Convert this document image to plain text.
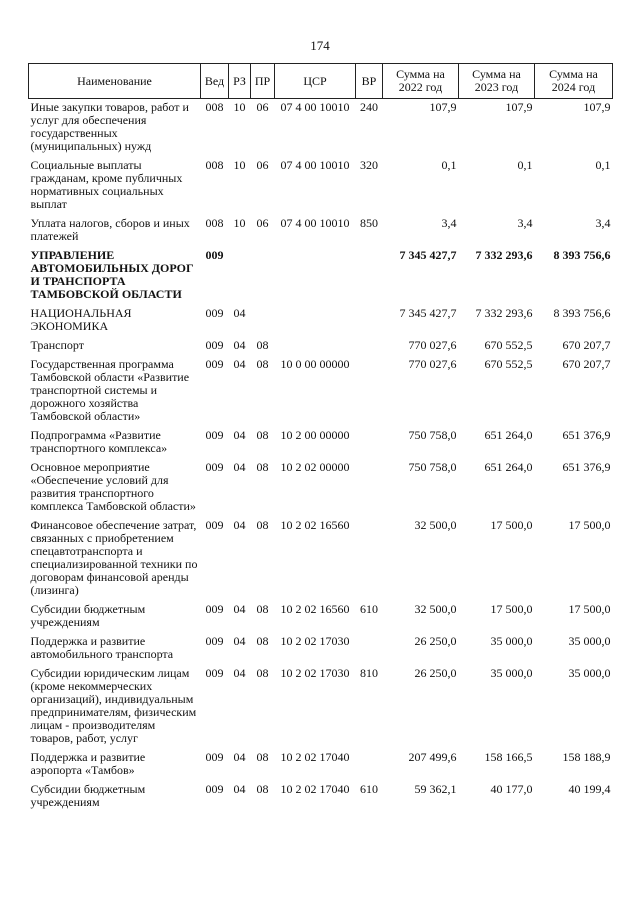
174
Наименование	Вед	РЗ	ПР	ЦСР	ВР	Сумма на 2022 год	Сумма на 2023 год	Сумма на 2024 год
Иные закупки товаров, работ и услуг для обеспечения государственных (муниципальных) нужд	008	10	06	07 4 00 10010	240	107,9	107,9	107,9
Социальные выплаты гражданам, кроме публичных нормативных социальных выплат	008	10	06	07 4 00 10010	320	0,1	0,1	0,1
Уплата налогов, сборов и иных платежей	008	10	06	07 4 00 10010	850	3,4	3,4	3,4
УПРАВЛЕНИЕ АВТОМОБИЛЬНЫХ ДОРОГ И ТРАНСПОРТА ТАМБОВСКОЙ ОБЛАСТИ	009					7 345 427,7	7 332 293,6	8 393 756,6
НАЦИОНАЛЬНАЯ ЭКОНОМИКА	009	04				7 345 427,7	7 332 293,6	8 393 756,6
Транспорт	009	04	08			770 027,6	670 552,5	670 207,7
Государственная программа Тамбовской области «Развитие транспортной системы и дорожного хозяйства Тамбовской области»	009	04	08	10 0 00 00000		770 027,6	670 552,5	670 207,7
Подпрограмма «Развитие транспортного комплекса»	009	04	08	10 2 00 00000		750 758,0	651 264,0	651 376,9
Основное мероприятие «Обеспечение условий для развития транспортного комплекса Тамбовской области»	009	04	08	10 2 02 00000		750 758,0	651 264,0	651 376,9
Финансовое обеспечение затрат, связанных с приобретением спецавтотранспорта и специализированной техники по договорам финансовой аренды (лизинга)	009	04	08	10 2 02 16560		32 500,0	17 500,0	17 500,0
Субсидии бюджетным учреждениям	009	04	08	10 2 02 16560	610	32 500,0	17 500,0	17 500,0
Поддержка и развитие автомобильного транспорта	009	04	08	10 2 02 17030		26 250,0	35 000,0	35 000,0
Субсидии юридическим лицам (кроме некоммерческих организаций), индивидуальным предпринимателям, физическим лицам - производителям товаров, работ, услуг	009	04	08	10 2 02 17030	810	26 250,0	35 000,0	35 000,0
Поддержка и развитие аэропорта «Тамбов»	009	04	08	10 2 02 17040		207 499,6	158 166,5	158 188,9
Субсидии бюджетным учреждениям	009	04	08	10 2 02 17040	610	59 362,1	40 177,0	40 199,4
